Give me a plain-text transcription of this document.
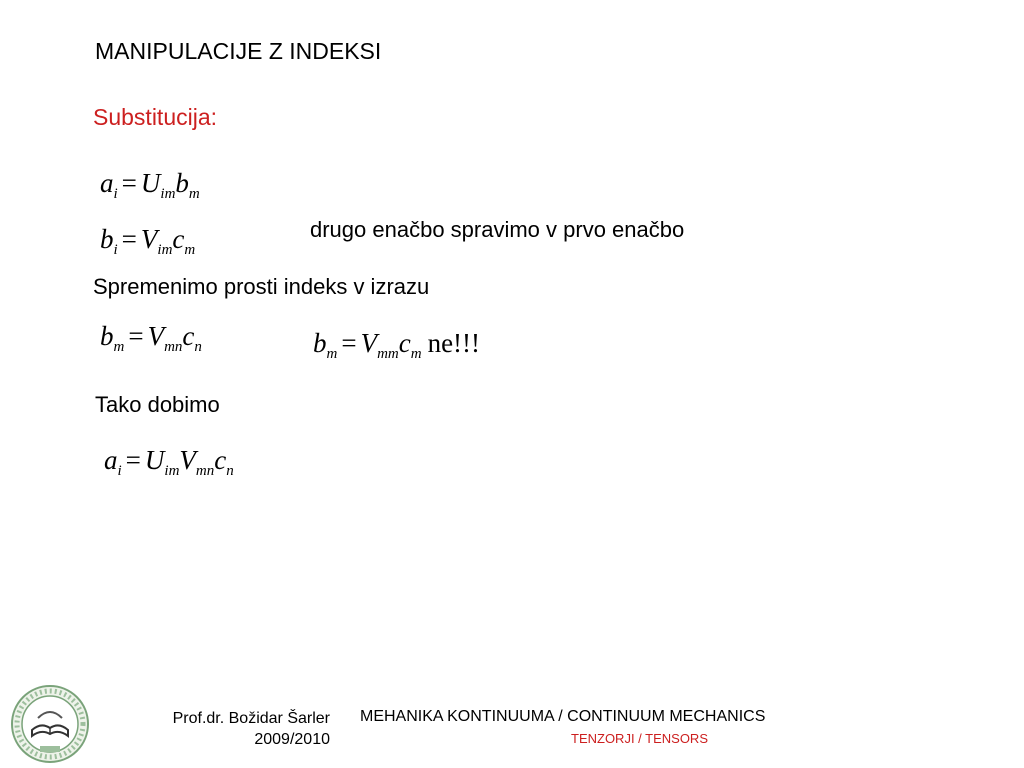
MANIPULACIJE Z INDEKSI
Substitucija:
$a_i = U_{im}b_m$
$b_i = V_{im}c_m$
drugo enačbo spravimo v prvo enačbo
Spremenimo prosti indeks v izrazu
$b_m = V_{mn}c_n$	$b_m = V_{mm}c_m$ ne!!!
Tako dobimo
$a_i = U_{im}V_{mn}c_n$
Prof.dr. Božidar Šarler
2009/2010
MEHANIKA KONTINUUMA / CONTINUUM MECHANICS
TENZORJI / TENSORS
